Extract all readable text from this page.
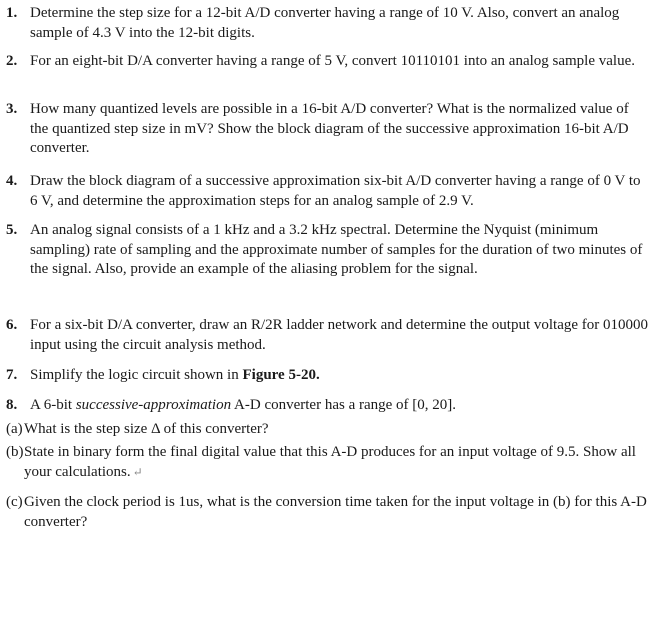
1. Determine the step size for a 12-bit A/D converter having a range of 10 V. Also, convert an analog sample of 4.3 V into the 12-bit digits.
2. For an eight-bit D/A converter having a range of 5 V, convert 10110101 into an analog sample value.
3. How many quantized levels are possible in a 16-bit A/D converter? What is the normalized value of the quantized step size in mV? Show the block diagram of the successive approximation 16-bit A/D converter.
4. Draw the block diagram of a successive approximation six-bit A/D converter having a range of 0 V to 6 V, and determine the approximation steps for an analog sample of 2.9 V.
5. An analog signal consists of a 1 kHz and a 3.2 kHz spectral. Determine the Nyquist (minimum sampling) rate of sampling and the approximate number of samples for the duration of two minutes of the signal. Also, provide an example of the aliasing problem for the signal.
6. For a six-bit D/A converter, draw an R/2R ladder network and determine the output voltage for 010000 input using the circuit analysis method.
7. Simplify the logic circuit shown in Figure 5-20.
8. A 6-bit successive-approximation A-D converter has a range of [0, 20].
(a) What is the step size Δ of this converter?
(b) State in binary form the final digital value that this A-D produces for an input voltage of 9.5. Show all your calculations. ↵
(c) Given the clock period is 1us, what is the conversion time taken for the input voltage in (b) for this A-D converter?
